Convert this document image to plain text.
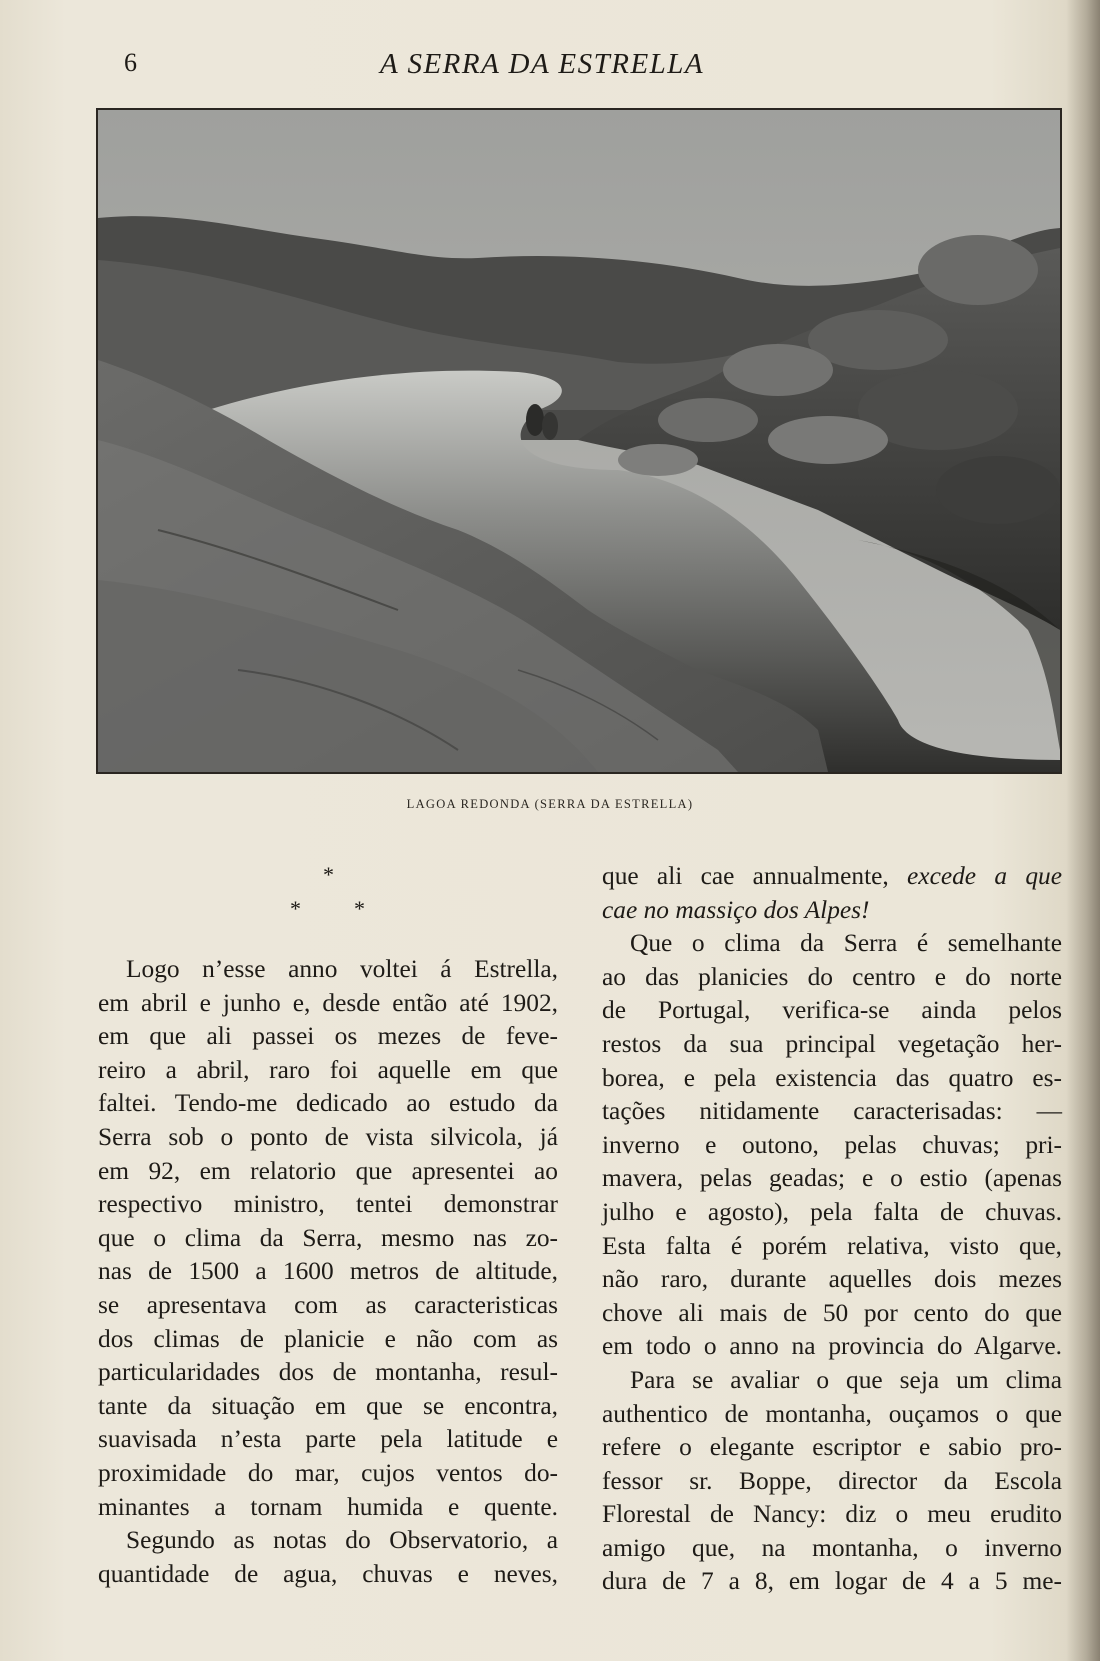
6	A SERRA DA ESTRELLA
LAGOA REDONDA (SERRA DA ESTRELLA)
*
* *
Logo n’esse anno voltei á Estrella,
em abril e junho e, desde então até 1902,
em que ali passei os mezes de feve-
reiro a abril, raro foi aquelle em que
faltei. Tendo-me dedicado ao estudo da
Serra sob o ponto de vista silvicola, já
em 92, em relatorio que apresentei ao
respectivo ministro, tentei demonstrar
que o clima da Serra, mesmo nas zo-
nas de 1500 a 1600 metros de altitude,
se apresentava com as caracteristicas
dos climas de planicie e não com as
particularidades dos de montanha, resul-
tante da situação em que se encontra,
suavisada n’esta parte pela latitude e
proximidade do mar, cujos ventos do-
minantes a tornam humida e quente.
Segundo as notas do Observatorio, a
quantidade de agua, chuvas e neves,
que ali cae annualmente, excede a que
cae no massiço dos Alpes!
Que o clima da Serra é semelhante
ao das planicies do centro e do norte
de Portugal, verifica-se ainda pelos
restos da sua principal vegetação her-
borea, e pela existencia das quatro es-
tações nitidamente caracterisadas: —
inverno e outono, pelas chuvas; pri-
mavera, pelas geadas; e o estio (apenas
julho e agosto), pela falta de chuvas.
Esta falta é porém relativa, visto que,
não raro, durante aquelles dois mezes
chove ali mais de 50 por cento do que
em todo o anno na provincia do Algarve.
Para se avaliar o que seja um clima
authentico de montanha, ouçamos o que
refere o elegante escriptor e sabio pro-
fessor sr. Boppe, director da Escola
Florestal de Nancy: diz o meu erudito
amigo que, na montanha, o inverno
dura de 7 a 8, em logar de 4 a 5 me-
